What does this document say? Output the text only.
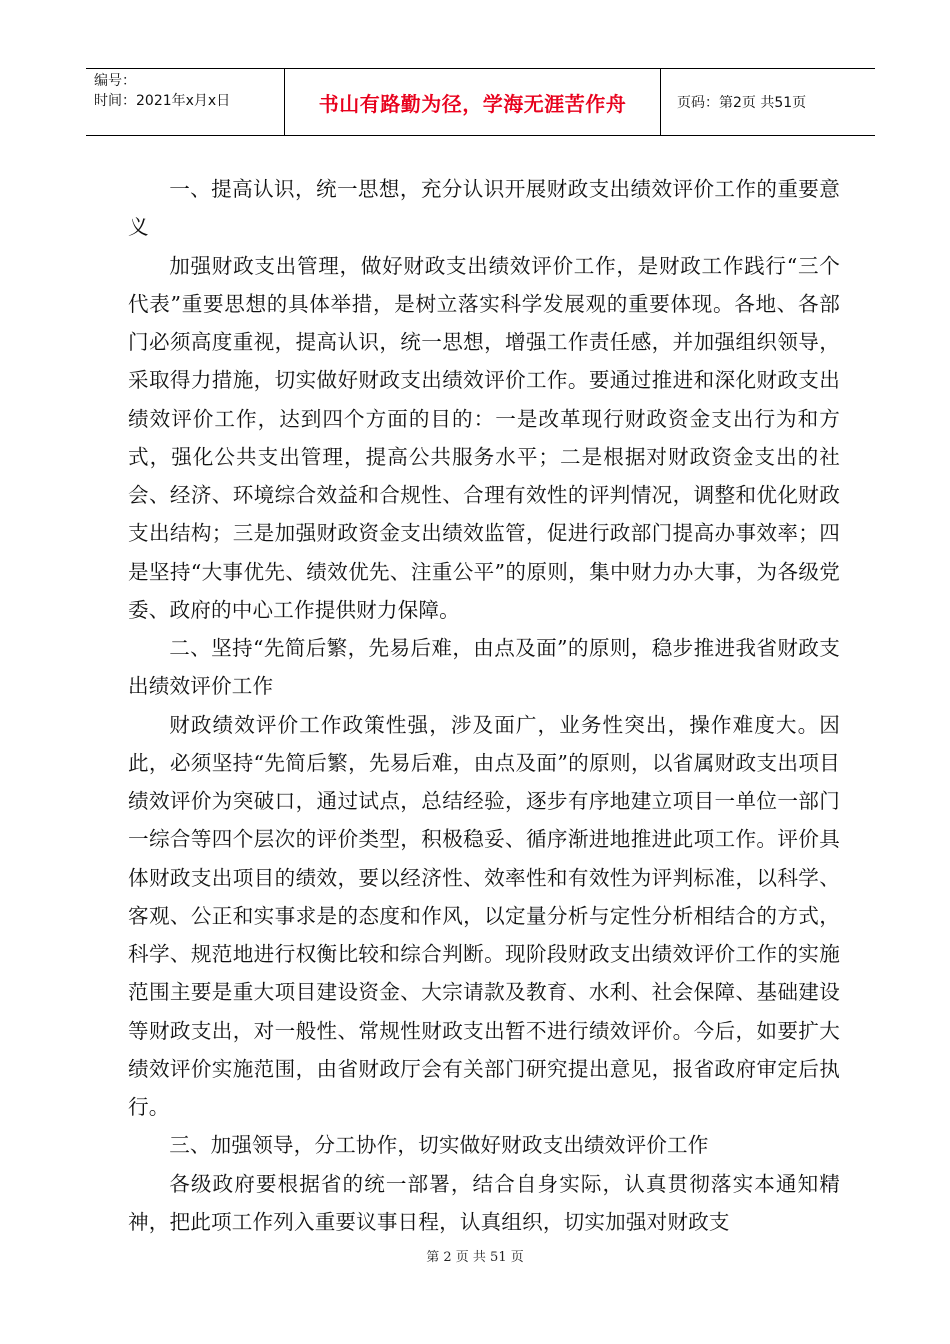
编号：
时间：2021年x月x日	书山有路勤为径，学海无涯苦作舟	页码：第2页 共51页

一、提高认识，统一思想，充分认识开展财政支出绩效评价工作的重要意义

加强财政支出管理，做好财政支出绩效评价工作，是财政工作践行“三个代表”重要思想的具体举措，是树立落实科学发展观的重要体现。各地、各部门必须高度重视，提高认识，统一思想，增强工作责任感，并加强组织领导，采取得力措施，切实做好财政支出绩效评价工作。要通过推进和深化财政支出绩效评价工作，达到四个方面的目的：一是改革现行财政资金支出行为和方式，强化公共支出管理，提高公共服务水平；二是根据对财政资金支出的社会、经济、环境综合效益和合规性、合理有效性的评判情况，调整和优化财政支出结构；三是加强财政资金支出绩效监管，促进行政部门提高办事效率；四是坚持“大事优先、绩效优先、注重公平”的原则，集中财力办大事，为各级党委、政府的中心工作提供财力保障。

二、坚持“先简后繁，先易后难，由点及面”的原则，稳步推进我省财政支出绩效评价工作

财政绩效评价工作政策性强，涉及面广，业务性突出，操作难度大。因此，必须坚持“先简后繁，先易后难，由点及面”的原则，以省属财政支出项目绩效评价为突破口，通过试点，总结经验，逐步有序地建立项目一单位一部门一综合等四个层次的评价类型，积极稳妥、循序渐进地推进此项工作。评价具体财政支出项目的绩效，要以经济性、效率性和有效性为评判标准，以科学、客观、公正和实事求是的态度和作风，以定量分析与定性分析相结合的方式，科学、规范地进行权衡比较和综合判断。现阶段财政支出绩效评价工作的实施范围主要是重大项目建设资金、大宗请款及教育、水利、社会保障、基础建设等财政支出，对一般性、常规性财政支出暂不进行绩效评价。今后，如要扩大绩效评价实施范围，由省财政厅会有关部门研究提出意见，报省政府审定后执行。

三、加强领导，分工协作，切实做好财政支出绩效评价工作

各级政府要根据省的统一部署，结合自身实际，认真贯彻落实本通知精神，把此项工作列入重要议事日程，认真组织，切实加强对财政支

第 2 页 共 51 页
